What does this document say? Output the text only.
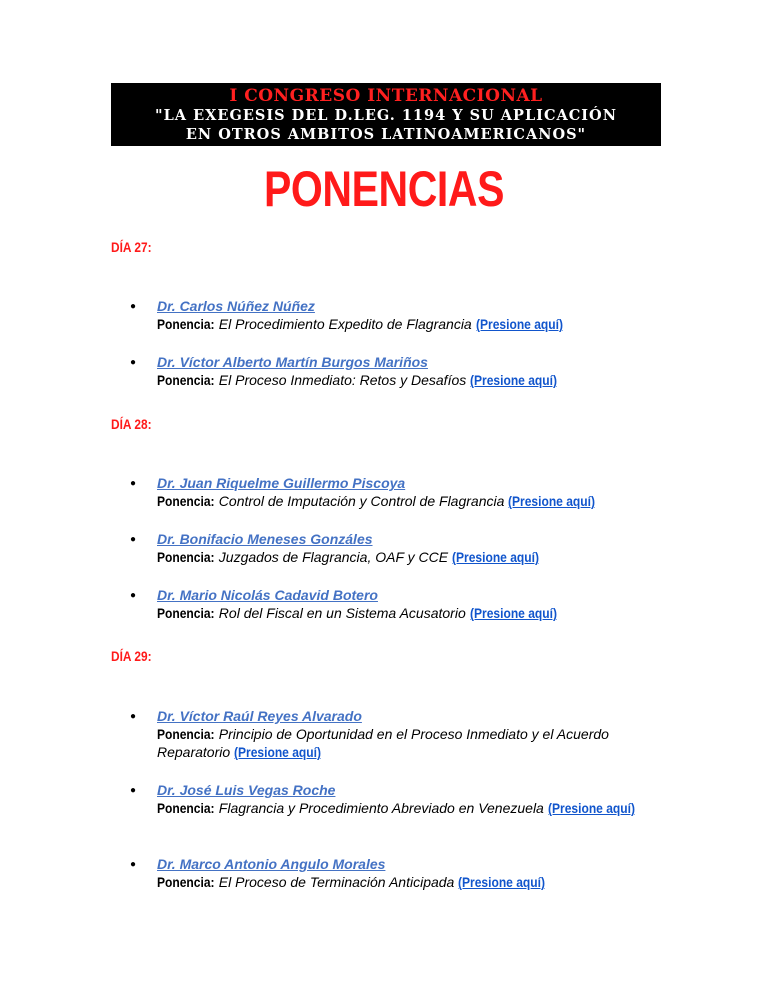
I CONGRESO INTERNACIONAL
"LA EXEGESIS DEL D.LEG. 1194 Y SU APLICACIÓN
EN OTROS AMBITOS LATINOAMERICANOS"
PONENCIAS
DÍA 27:
● Dr. Carlos Núñez Núñez
Ponencia: El Procedimiento Expedito de Flagrancia (Presione aquí)
● Dr. Víctor Alberto Martín Burgos Mariños
Ponencia: El Proceso Inmediato: Retos y Desafíos (Presione aquí)
DÍA 28:
● Dr. Juan Riquelme Guillermo Piscoya
Ponencia: Control de Imputación y Control de Flagrancia (Presione aquí)
● Dr. Bonifacio Meneses Gonzáles
Ponencia: Juzgados de Flagrancia, OAF y CCE (Presione aquí)
● Dr. Mario Nicolás Cadavid Botero
Ponencia: Rol del Fiscal en un Sistema Acusatorio (Presione aquí)
DÍA 29:
● Dr. Víctor Raúl Reyes Alvarado
Ponencia: Principio de Oportunidad en el Proceso Inmediato y el Acuerdo Reparatorio (Presione aquí)
● Dr. José Luis Vegas Roche
Ponencia: Flagrancia y Procedimiento Abreviado en Venezuela (Presione aquí)
● Dr. Marco Antonio Angulo Morales
Ponencia: El Proceso de Terminación Anticipada (Presione aquí)
